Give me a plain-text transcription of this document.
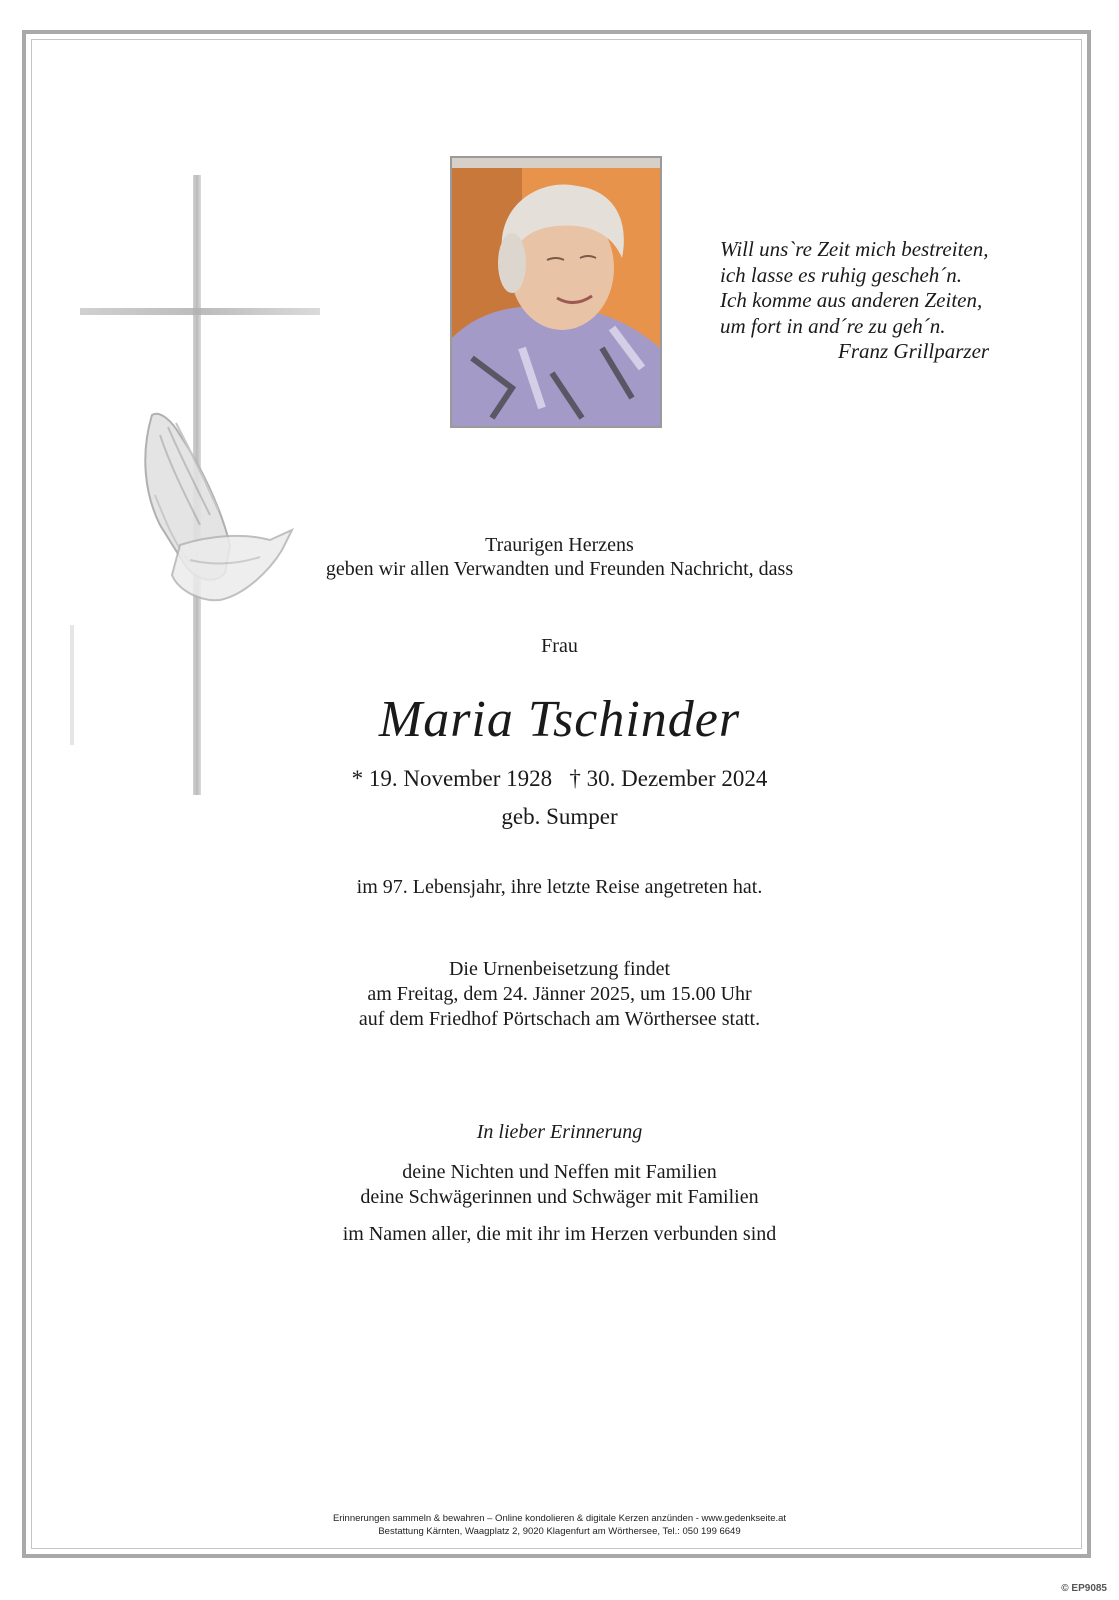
Will uns`re Zeit mich bestreiten,
ich lasse es ruhig gescheh´n.
Ich komme aus anderen Zeiten,
um fort in and´re zu geh´n.
Franz Grillparzer
Traurigen Herzens
geben wir allen Verwandten und Freunden Nachricht, dass
Frau
Maria Tschinder
* 19. November 1928   † 30. Dezember 2024
geb. Sumper
im 97. Lebensjahr, ihre letzte Reise angetreten hat.
Die Urnenbeisetzung findet
am Freitag, dem 24. Jänner 2025, um 15.00 Uhr
auf dem Friedhof Pörtschach am Wörthersee statt.
In lieber Erinnerung
deine Nichten und Neffen mit Familien
deine Schwägerinnen und Schwäger mit Familien
im Namen aller, die mit ihr im Herzen verbunden sind
Erinnerungen sammeln & bewahren – Online kondolieren & digitale Kerzen anzünden - www.gedenkseite.at
Bestattung Kärnten, Waagplatz 2, 9020 Klagenfurt am Wörthersee, Tel.: 050 199 6649
© EP9085
